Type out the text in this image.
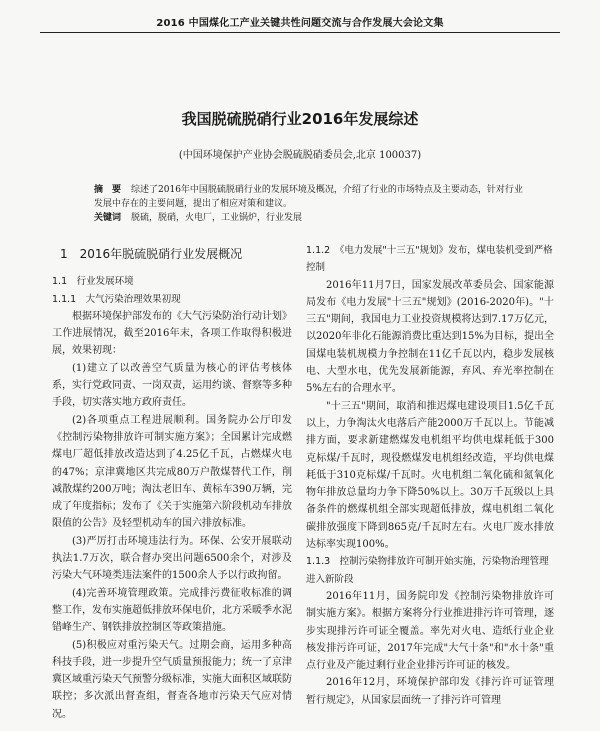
2016 中国煤化工产业关键共性问题交流与合作发展大会论文集
我国脱硫脱硝行业2016年发展综述
(中国环境保护产业协会脱硫脱硝委员会,北京 100037)
摘　要 综述了2016年中国脱硫脱硝行业的发展环境及概况，介绍了行业的市场特点及主要动态，针对行业发展中存在的主要问题，提出了相应对策和建议。
关键词 脱硫，脱硝，火电厂，工业锅炉，行业发展
1　2016年脱硫脱硝行业发展概况
1.1　行业发展环境
1.1.1　大气污染治理效果初现
根据环境保护部发布的《大气污染防治行动计划》工作进展情况，截至2016年末，各项工作取得积极进展，效果初现：
(1)建立了以改善空气质量为核心的评估考核体系，实行党政同责、一岗双责，运用约谈、督察等多种手段，切实落实地方政府责任。
(2)各项重点工程进展顺利。国务院办公厅印发《控制污染物排放许可制实施方案》；全国累计完成燃煤电厂超低排放改造达到了4.25亿千瓦，占燃煤火电的47%；京津冀地区共完成80万户散煤替代工作，削减散煤约200万吨；淘汰老旧车、黄标车390万辆，完成了年度指标；发布了《关于实施第六阶段机动车排放限值的公告》及轻型机动车的国六排放标准。
(3)严厉打击环境违法行为。环保、公安开展联动执法1.7万次，联合督办突出问题6500余个，对涉及污染大气环境类违法案件的1500余人予以行政拘留。
(4)完善环境管理政策。完成排污费征收标准的调整工作，发布实施超低排放环保电价，北方采暖季水泥错峰生产、钢铁排放控制区等政策措施。
(5)积极应对重污染天气。过期会商，运用多种高科技手段，进一步提升空气质量预报能力；统一了京津冀区域重污染天气预警分级标准，实施大面积区域联防联控；多次派出督查组，督查各地市污染天气应对情况。
1.1.2　《电力发展"十三五"规划》发布，煤电装机受到严格控制
2016年11月7日，国家发展改革委员会、国家能源局发布《电力发展"十三五"规划》(2016-2020年)。"十三五"期间，我国电力工业投资规模将达到7.17万亿元，以2020年非化石能源消费比重达到15%为目标，提出全国煤电装机规模力争控制在11亿千瓦以内，稳步发展核电、大型水电，优先发展新能源，弃风、弃光率控制在5%左右的合理水平。
"十三五"期间，取消和推迟煤电建设项目1.5亿千瓦以上，力争淘汰火电落后产能2000万千瓦以上。节能减排方面，要求新建燃煤发电机组平均供电煤耗低于300克标煤/千瓦时，现役燃煤发电机组经改造，平均供电煤耗低于310克标煤/千瓦时。火电机组二氧化硫和氮氧化物年排放总量均力争下降50%以上。30万千瓦级以上具备条件的燃煤机组全部实现超低排放，煤电机组二氧化碳排放强度下降到865克/千瓦时左右。火电厂废水排放达标率实现100%。
1.1.3　控制污染物排放许可制开始实施，污染物治理管理进入新阶段
2016年11月，国务院印发《控制污染物排放许可制实施方案》。根据方案将分行业推进排污许可管理，逐步实现排污许可证全覆盖。率先对火电、造纸行业企业核发排污许可证，2017年完成"大气十条"和"水十条"重点行业及产能过剩行业企业排污许可证的核发。
2016年12月，环境保护部印发《排污许可证管理暂行规定》，从国家层面统一了排污许可管理
